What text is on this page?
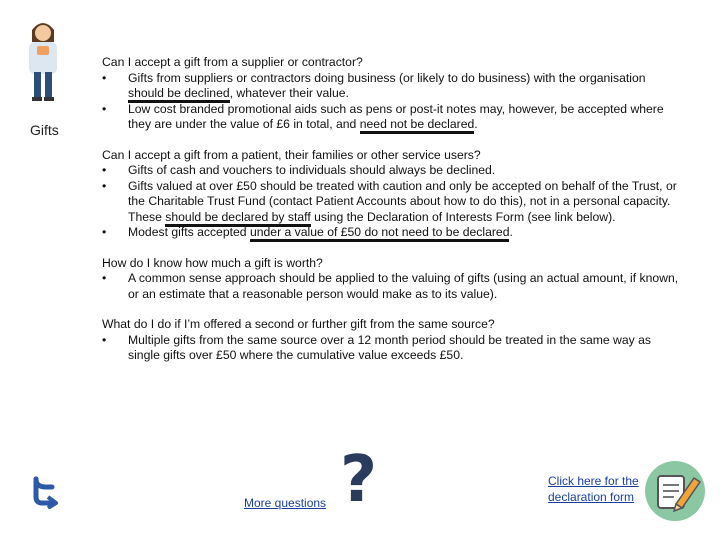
Gifts
Can I accept a gift from a supplier or contractor?
• Gifts from suppliers or contractors doing business (or likely to do business) with the organisation should be declined, whatever their value.
• Low cost branded promotional aids such as pens or post-it notes may, however, be accepted where they are under the value of £6 in total, and need not be declared.
Can I accept a gift from a patient, their families or other service users?
• Gifts of cash and vouchers to individuals should always be declined.
• Gifts valued at over £50 should be treated with caution and only be accepted on behalf of the Trust, or the Charitable Trust Fund (contact Patient Accounts about how to do this), not in a personal capacity. These should be declared by staff using the Declaration of Interests Form (see link below).
• Modest gifts accepted under a value of £50 do not need to be declared.
How do I know how much a gift is worth?
• A common sense approach should be applied to the valuing of gifts (using an actual amount, if known, or an estimate that a reasonable person would make as to its value).
What do I do if I’m offered a second or further gift from the same source?
• Multiple gifts from the same source over a 12 month period should be treated in the same way as single gifts over £50 where the cumulative value exceeds £50.
More questions ?	Click here for the declaration form
